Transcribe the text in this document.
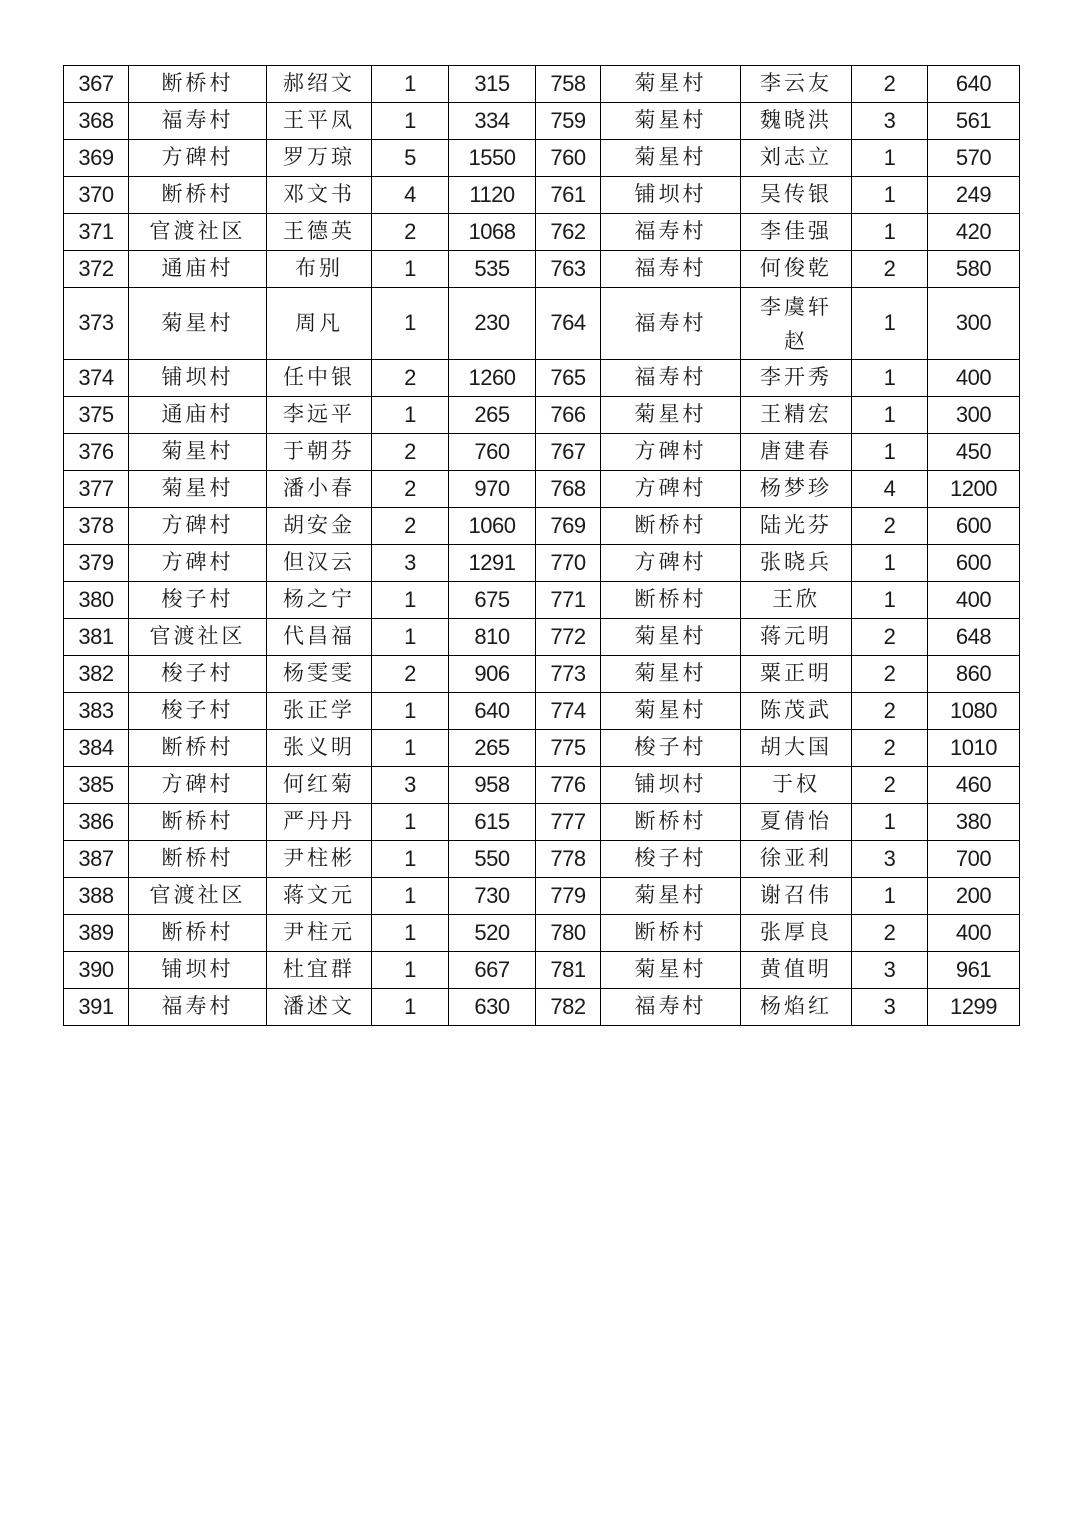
367	断桥村	郝绍文	1	315	758	菊星村	李云友	2	640
368	福寿村	王平凤	1	334	759	菊星村	魏晓洪	3	561
369	方碑村	罗万琼	5	1550	760	菊星村	刘志立	1	570
370	断桥村	邓文书	4	1120	761	铺坝村	吴传银	1	249
371	官渡社区	王德英	2	1068	762	福寿村	李佳强	1	420
372	通庙村	布别	1	535	763	福寿村	何俊乾	2	580
373	菊星村	周凡	1	230	764	福寿村	李虞轩赵	1	300
374	铺坝村	任中银	2	1260	765	福寿村	李开秀	1	400
375	通庙村	李远平	1	265	766	菊星村	王精宏	1	300
376	菊星村	于朝芬	2	760	767	方碑村	唐建春	1	450
377	菊星村	潘小春	2	970	768	方碑村	杨梦珍	4	1200
378	方碑村	胡安金	2	1060	769	断桥村	陆光芬	2	600
379	方碑村	但汉云	3	1291	770	方碑村	张晓兵	1	600
380	梭子村	杨之宁	1	675	771	断桥村	王欣	1	400
381	官渡社区	代昌福	1	810	772	菊星村	蒋元明	2	648
382	梭子村	杨雯雯	2	906	773	菊星村	粟正明	2	860
383	梭子村	张正学	1	640	774	菊星村	陈茂武	2	1080
384	断桥村	张义明	1	265	775	梭子村	胡大国	2	1010
385	方碑村	何红菊	3	958	776	铺坝村	于权	2	460
386	断桥村	严丹丹	1	615	777	断桥村	夏倩怡	1	380
387	断桥村	尹柱彬	1	550	778	梭子村	徐亚利	3	700
388	官渡社区	蒋文元	1	730	779	菊星村	谢召伟	1	200
389	断桥村	尹柱元	1	520	780	断桥村	张厚良	2	400
390	铺坝村	杜宜群	1	667	781	菊星村	黄值明	3	961
391	福寿村	潘述文	1	630	782	福寿村	杨焰红	3	1299
